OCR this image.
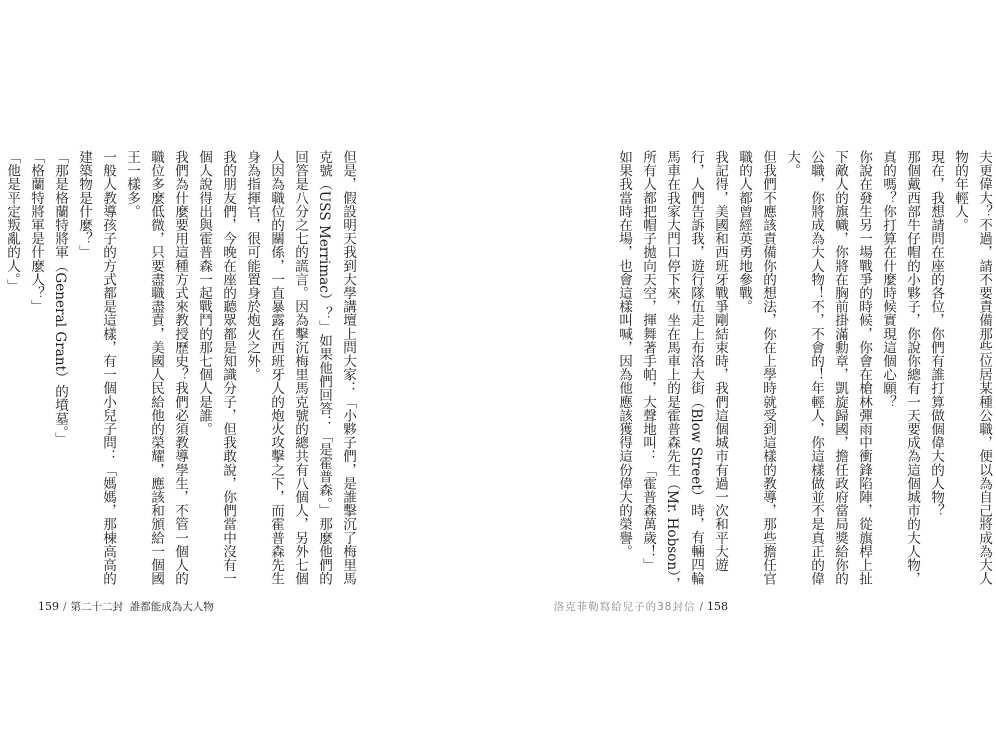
但是，假設明天我到大學講壇上問大家：「小夥子們，是誰擊沉了梅里馬克號（USS Merrimac）？」如果他們回答：「是霍普森。」那麼他們的回答是八分之七的謊言。因為擊沉梅里馬克號的總共有八個人，另外七個人因為職位的關係，一直暴露在西班牙人的炮火攻擊之下，而霍普森先生身為指揮官，很可能置身於炮火之外。

我的朋友們，今晚在座的聽眾都是知識分子，但我敢說，你們當中沒有一個人說得出與霍普森一起戰鬥的那七個人是誰。

我們為什麼要用這種方式來教授歷史？我們必須教導學生，不管一個人的職位多麼低微，只要盡職盡責，美國人民給他的榮耀，應該和頒給一個國王一樣多。

一般人教導孩子的方式都是這樣，有一個小兒子問：「媽媽，那棟高高的建築物是什麼？」

「那是格蘭特將軍（General Grant）的墳墓。」

「格蘭特將軍是什麼人？」

「他是平定叛亂的人。」

159 / 第二十二封 誰都能成為大人物

夫更偉大？不過，請不要責備那些位居某種公職，便以為自己將成為大人物的年輕人。

現在，我想請問在座的各位，你們有誰打算做個偉大的人物？

那個戴西部牛仔帽的小夥子，你說你總有一天要成為這個城市的大人物，真的嗎？你打算在什麼時候實現這個心願？

你說在發生另一場戰爭的時候，你會在槍林彈雨中衝鋒陷陣，從旗桿上扯下敵人的旗幟，你將在胸前掛滿勳章，凱旋歸國，擔任政府當局獎給你的公職，你將成為大人物！不，不會的！年輕人，你這樣做並不是真正的偉大。

但我們不應該責備你的想法，你在上學時就受到這樣的教導，那些擔任官職的人都曾經英勇地參戰。

我記得，美國和西班牙戰爭剛結束時，我們這個城市有過一次和平大遊行，人們告訴我，遊行隊伍走上布洛大街（Blow Street）時，有輛四輪馬車在我家大門口停下來，坐在馬車上的是霍普森先生（Mr. Hobson），所有人都把帽子拋向天空，揮舞著手帕，大聲地叫：「霍普森萬歲！」

如果我當時在場，也會這樣叫喊，因為他應該獲得這份偉大的榮譽。

洛克菲勒寫給兒子的38封信 / 158
